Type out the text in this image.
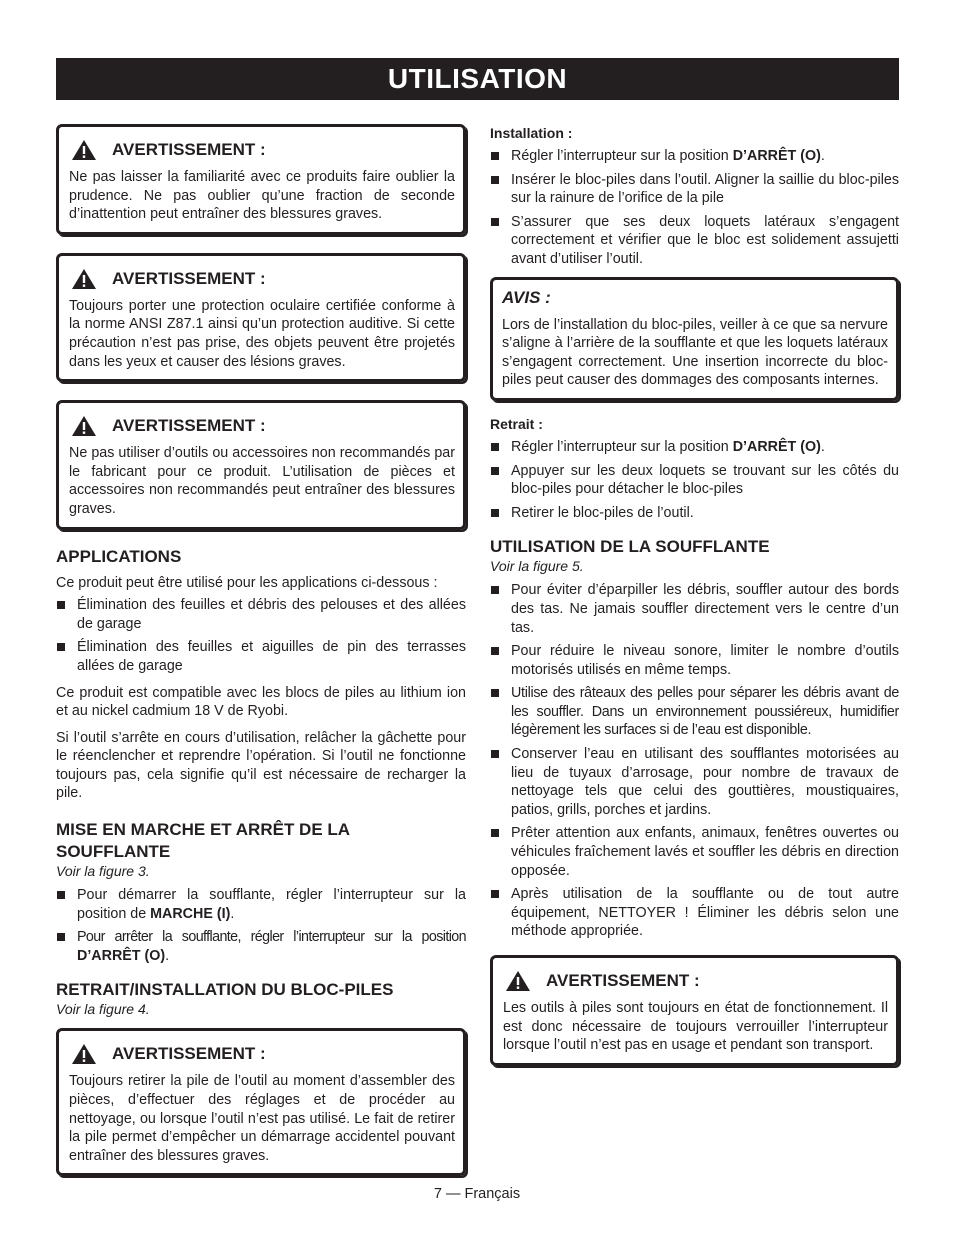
UTILISATION
AVERTISSEMENT :
Ne pas laisser la familiarité avec ce produits faire oublier la prudence. Ne pas oublier qu’une fraction de seconde d’inattention peut entraîner des blessures graves.
AVERTISSEMENT :
Toujours porter une protection oculaire certifiée conforme à la norme ANSI Z87.1 ainsi qu’un protection auditive. Si cette précaution n’est pas prise, des objets peuvent être projetés dans les yeux et causer des lésions graves.
AVERTISSEMENT :
Ne pas utiliser d’outils ou accessoires non recommandés par le fabricant pour ce produit. L’utilisation de pièces et accessoires non recommandés peut entraîner des blessures graves.
APPLICATIONS

Ce produit peut être utilisé pour les applications ci-dessous :

Élimination des feuilles et débris des pelouses et des allées de garage
Élimination des feuilles et aiguilles de pin des terrasses allées de garage

Ce produit est compatible avec les blocs de piles au lithium ion et au nickel cadmium 18 V de Ryobi.

Si l’outil s’arrête en cours d’utilisation, relâcher la gâchette pour le réenclencher et reprendre l’opération. Si l’outil ne fonctionne toujours pas, cela signifie qu’il est nécessaire de recharger la pile.

MISE EN MARCHE ET ARRÊT DE LA SOUFFLANTE
Voir la figure 3.
Pour démarrer la soufflante, régler l’interrupteur sur la position de MARCHE (I).
Pour arrêter la soufflante, régler l’interrupteur sur la position D’ARRÊT (O).
RETRAIT/INSTALLATION DU BLOC-PILES
Voir la figure 4.
AVERTISSEMENT :
Toujours retirer la pile de l’outil au moment d’assembler des pièces, d’effectuer des réglages et de procéder au nettoyage, ou lorsque l’outil n’est pas utilisé. Le fait de retirer la pile permet d’empêcher un démarrage accidentel pouvant entraîner des blessures graves.
Installation :
Régler l’interrupteur sur la position D’ARRÊT (O).
Insérer le bloc-piles dans l’outil. Aligner la saillie du bloc-piles sur la rainure de l’orifice de la pile
S’assurer que ses deux loquets latéraux s’engagent correctement et vérifier que le bloc est solidement assujetti avant d’utiliser l’outil.
AVIS :
Lors de l’installation du bloc-piles, veiller à ce que sa nervure s’aligne à l’arrière de la soufflante et que les loquets latéraux s’engagent correctement. Une insertion incorrecte du bloc-piles peut causer des dommages des composants internes.
Retrait :
Régler l’interrupteur sur la position D’ARRÊT (O).
Appuyer sur les deux loquets se trouvant sur les côtés du bloc-piles pour détacher le bloc-piles
Retirer le bloc-piles de l’outil.
UTILISATION DE LA SOUFFLANTE
Voir la figure 5.
Pour éviter d’éparpiller les débris, souffler autour des bords des tas. Ne jamais souffler directement vers le centre d’un tas.
Pour réduire le niveau sonore, limiter le nombre d’outils motorisés utilisés en même temps.
Utilise des râteaux des pelles pour séparer les débris avant de les souffler. Dans un environnement poussiéreux, humidifier légèrement les surfaces si de l’eau est disponible.
Conserver l’eau en utilisant des soufflantes motorisées au lieu de tuyaux d’arrosage, pour nombre de travaux de nettoyage tels que celui des gouttières, moustiquaires, patios, grills, porches et jardins.
Prêter attention aux enfants, animaux, fenêtres ouvertes ou véhicules fraîchement lavés et souffler les débris en direction opposée.
Après utilisation de la soufflante ou de tout autre équipement, NETTOYER ! Éliminer les débris selon une méthode appropriée.
AVERTISSEMENT :
Les outils à piles sont toujours en état de fonctionnement. Il est donc nécessaire de toujours verrouiller l’interrupteur lorsque l’outil n’est pas en usage et pendant son transport.
7 — Français
